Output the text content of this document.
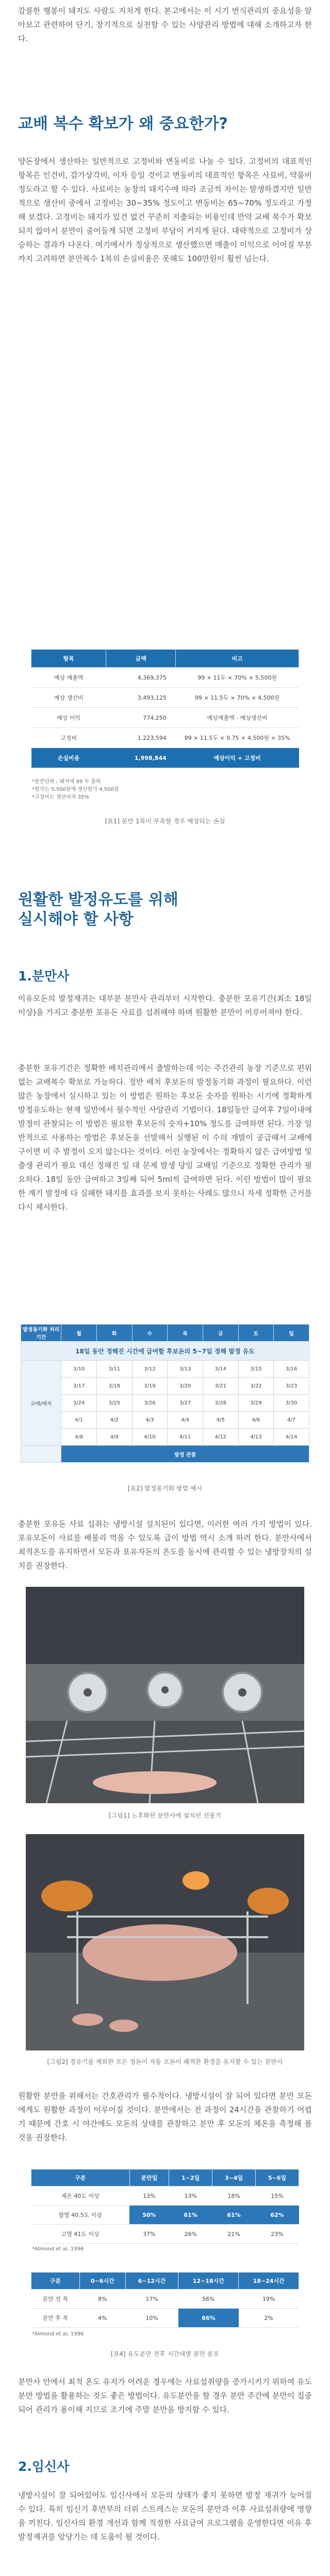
감블한 행봉이 돼지도 사람도 지치게 한다. 본고에서는 이 시기 번식관리의 중요성을 알아보고 관련하여 단기, 장기적으로 실천할 수 있는 사양관리 방법에 대해 소개하고자 한다.

교배 복수 확보가 왜 중요한가?

양돈장에서 생산하는 일반적으로 고정비와 변동비로 나눌 수 있다. 고정비의 대표적인 항목은 인건비, 감가상각비, 이자 등일 것이고 변동비의 대표적인 항목은 사료비, 약품비 정도라고 할 수 있다. 사료비는 농장의 돼지수에 따라 조금씩 차이는 발생하겠지만 일반적으로 생산비 중에서 고정비는 30~35% 정도이고 변동비는 65~70% 정도라고 가정해 보겠다. 고정비는 돼지가 있건 없건 꾸준히 지출되는 비용인데 만약 교배 복수가 확보되지 않아서 분만이 줄어들게 되면 고정비 부담이 커지게 된다. 대략적으로 고정비가 상승하는 결과가 나온다. 여기에서가 정상적으로 생산했으면 매출이 이익으로 이어질 부분까지 고려하면 분만복수 1복의 손실비용은 못해도 100만원이 훨씬 넘는다.

항목	금액	비고
예상 매출액	4,369,375	99 × 11두 × 70% × 5,500원
예상 생산비	3,493,125	99 × 11.5두 × 70% × 4,500원
예상 이익	774,250	예상매출액 - 예상생산비
고정비	1,223,594	99 × 11.5두 × 0.75 × 4,500원 × 35%
손실비용	1,998,844	예상이익 + 고정비
*분만단위 : 돼지에 99 두 출하
*원가는 5,500원에 생산원가 4,500원
*고정비는 생산비의 35%
[표1] 분만 1복이 부족할 경우 예상되는 손실
원활한 발정유도를 위해
실시해야 할 사항
1.분만사

이유모돈의 발정재귀는 대부분 분만사 관리부터 시작한다. 충분한 포유기간(최소 18일이상)을 가지고 충분한 포유돈 사료를 섭취해야 하며 원활한 분만이 이루어져야 한다.

충분한 포유기간은 정확한 배치관리에서 출발하는데 이는 주간관리 농장 기준으로 편위 없는 교배복수 확보로 가능하다. 정반 배치 후보돈의 발정동기화 과정이 필요하다. 이런 많은 농장에서 실시하고 있는 이 방법은 원하는 후보돈 숫자를 원하는 시기에 정확하게 발정유도하는 현재 일반에서 필수적인 사양관리 기법이다. 18일동안 급여후 7일이내에 발정이 관찰되는 이 방법은 필요한 후보돈의 숫자+10% 정도를 급여하면 된다. 가장 일반적으로 사용하는 방법은 후보돈을 선발해서 실행된 이 수의 재발이 공급해서 교배에 구이면 비 주 발정이 오지 않는다는 것이다. 이런 농장에서는 정확하지 않은 급여방법 및 출생 관리가 필요 대신 정해진 일 대 문제 발생 당일 교배일 기준으로 정확한 관리가 필요하다. 18일 동안 급여하고 3일째 되어 5ml씩 급여하면 된다. 이런 방법이 많이 필요한 계기 발정에 다 실패한 돼지를 효과를 보지 못하는 사례도 많으니 자세 정확한 근거를 다시 제시한다.

발정동기화 처리 기간	월	화	수	목	금	토	일
18일 동안 정해진 시간에 급여할 후보돈의 5~7일 정해 발정 유도							
교배/배치	3/10	3/11	3/12	3/13	3/14	3/15	3/16
	3/17	3/18	3/19	3/20	3/21	3/22	3/23
	3/24	3/25	3/26	3/27	3/28	3/29	3/30
	4/1	4/2	4/3	4/4	4/5	4/6	4/7
	4/8	4/9	4/10	4/11	4/12	4/13	4/14
	발정 관찰						
[표2] 발정동기화 방법 예시

충분한 포유돈 사료 섭취는 냉방시설 설치된이 있다면, 이러한 여러 가지 방법이 있다. 포유모돈이 사료를 배불리 먹을 수 있도록 급이 방법 역시 소개 하려 한다. 분만사에서 최적온도를 유지하면서 모돈과 포유자돈의 온도를 동시에 관리할 수 있는 냉방장치의 설치를 권장한다.

[그림1] 노후화된 분만사에 설치된 선풍기
[그림2] 정유기를 제외한 모든 정돈이 자동 모돈이 쾌적한 환경을 유지할 수 있는 분만사

원활한 분만을 위해서는 간호관리가 필수적이다. 냉방시설이 잘 되어 있다면 분만 모돈에게도 원활한 과정이 이루어질 것이다. 분만에서는 전 과정이 24시간을 관찰하기 어렵기 때문에 간호 시 야간에도 모돈의 상태를 관찰하고 분만 후 모돈의 체온을 측정해 볼 것을 권장한다.

구분	분만일	1~2일	3~4일	5~6일
체온 40도 이상	13%	13%	18%	15%
발열 40.5도 이상	50%	61%	61%	62%
고열 41도 이상	37%	26%	21%	23%
*Almond et al, 1996
구분	0~6시간	6~12시간	12~18시간	18~24시간
분만 전 복	8%	17%	56%	19%
분만 후 복	4%	10%	86%	2%
*Almond et al, 1996
[표4] 유도분만 전후 시간대별 분만 분포

분만사 안에서 최적 온도 유지가 어려운 경우에는 사료섭취량을 증가시키기 위하여 유도분만 방법을 활용하는 것도 좋은 방법이다. 유도분만을 할 경우 분만 주간에 분만이 집중되어 관리가 용이해 지므로 조기에 주말 분만을 방지할 수 있다.

2.임신사

냉방시설이 잘 되어있어도 임신사에서 모돈의 상태가 좋지 못하면 발정 재귀가 늦어질 수 있다. 특히 임신기 후반부의 더위 스트레스는 모돈의 분만과 이후 사료섭취량에 영향을 끼친다. 임신사의 환경 개선과 함께 적절한 사료급여 프로그램을 운영한다면 이유 후 발정재귀를 앞당기는 데 도움이 될 것이다.
